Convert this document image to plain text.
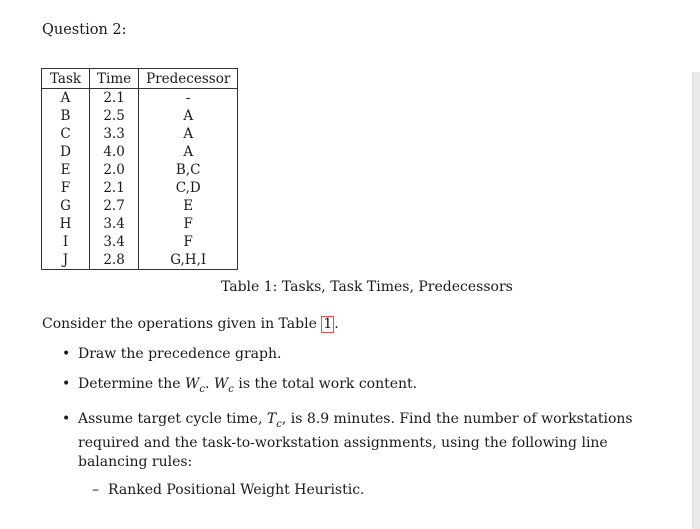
Question 2:
Task	Time	Predecessor
A	2.1	-
B	2.5	A
C	3.3	A
D	4.0	A
E	2.0	B,C
F	2.1	C,D
G	2.7	E
H	3.4	F
I	3.4	F
J	2.8	G,H,I
Table 1: Tasks, Task Times, Predecessors
Consider the operations given in Table 1 .
• Draw the precedence graph.
• Determine the $W_c$. $W_c$ is the total work content.
• Assume target cycle time, $T_c$, is 8.9 minutes. Find the number of workstations required and the task-to-workstation assignments, using the following line balancing rules:
– Ranked Positional Weight Heuristic.
